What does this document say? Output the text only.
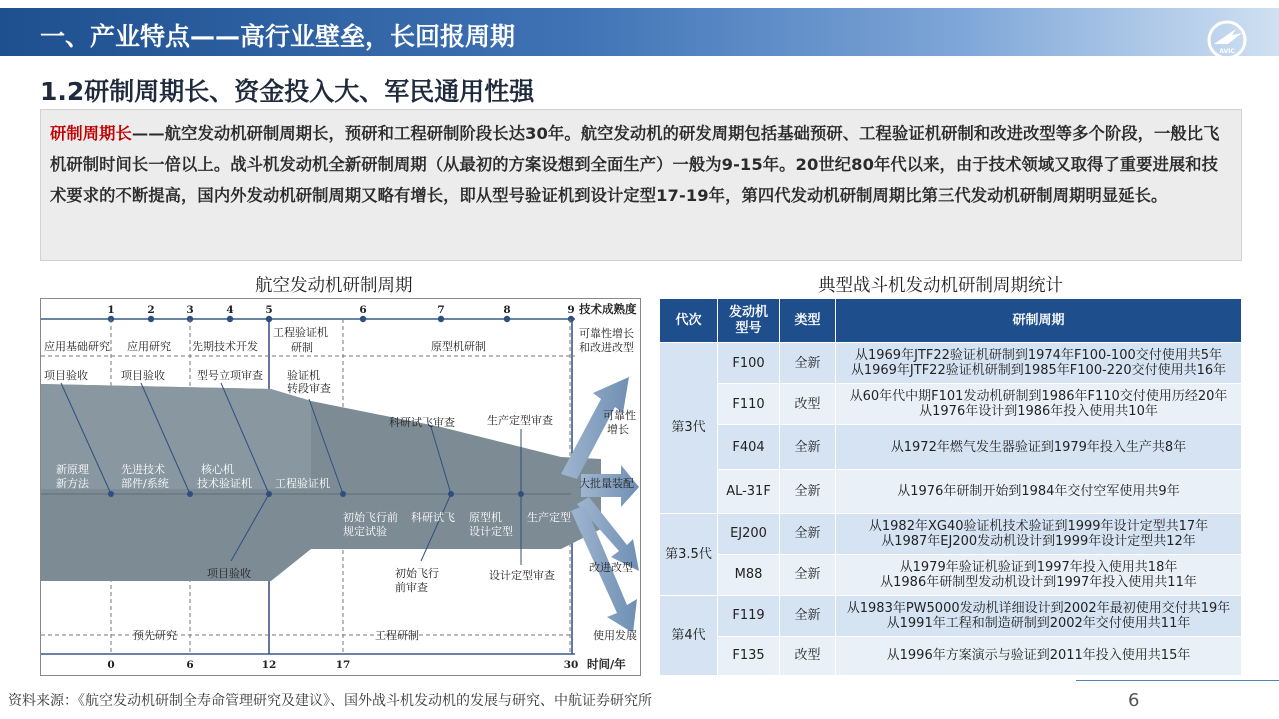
一、产业特点——高行业壁垒，长回报周期
AVIC
1.2研制周期长、资金投入大、军民通用性强
研制周期长——航空发动机研制周期长，预研和工程研制阶段长达30年。航空发动机的研发周期包括基础预研、工程验证机研制和改进改型等多个阶段，一般比飞机研制时间长一倍以上。战斗机发动机全新研制周期（从最初的方案设想到全面生产）一般为9-15年。20世纪80年代以来，由于技术领域又取得了重要进展和技术要求的不断提高，国内外发动机研制周期又略有增长，即从型号验证机到设计定型17-19年，第四代发动机研制周期比第三代发动机研制周期明显延长。
航空发动机研制周期	典型战斗机发动机研制周期统计
1	2	3	4	5	6	7	8	9 技术成熟度
应用基础研究 应用研究 先期技术开发
工程验证机
研制	原型机研制
可靠性增长
和改进改型
项目验收	项目验收	型号立项审查 验证机
转段审查
科研试飞审查	生产定型审查
新原理
新方法
先进技术
部件/系统
核心机
技术验证机 工程验证机
初始飞行前
规定试验
科研试飞 原型机
设计定型
生产定型
可靠性
增长
大批量装配
改进改型
使用发展
项目验收	初始飞行
前审查
设计定型审查
预先研究	工程研制
0	6	12	17	30 时间/年
代次	发动机
型号	类型	研制周期
第3代	F100	全新	从1969年JTF22验证机研制到1974年F100-100交付使用共5年
从1969年JTF22验证机研制到1985年F100-220交付使用共16年

	F110	改型	从60年代中期F101发动机研制到1986年F110交付使用历经20年
从1976年设计到1986年投入使用共10年

	F404	全新	从1972年燃气发生器验证到1979年投入生产共8年

	AL-31F	全新	从1976年研制开始到1984年交付空军使用共9年

第3.5代	EJ200	全新	从1982年XG40验证机技术验证到1999年设计定型共17年
从1987年EJ200发动机设计到1999年设计定型共12年

	M88	全新	从1979年验证机验证到1997年投入使用共18年
从1986年研制型发动机设计到1997年投入使用共11年

第4代	F119	全新	从1983年PW5000发动机详细设计到2002年最初使用交付共19年
从1991年工程和制造研制到2002年交付使用共11年

	F135	改型	从1996年方案演示与验证到2011年投入使用共15年
资料来源：《航空发动机研制全寿命管理研究及建议》、国外战斗机发动机的发展与研究、中航证券研究所	6
